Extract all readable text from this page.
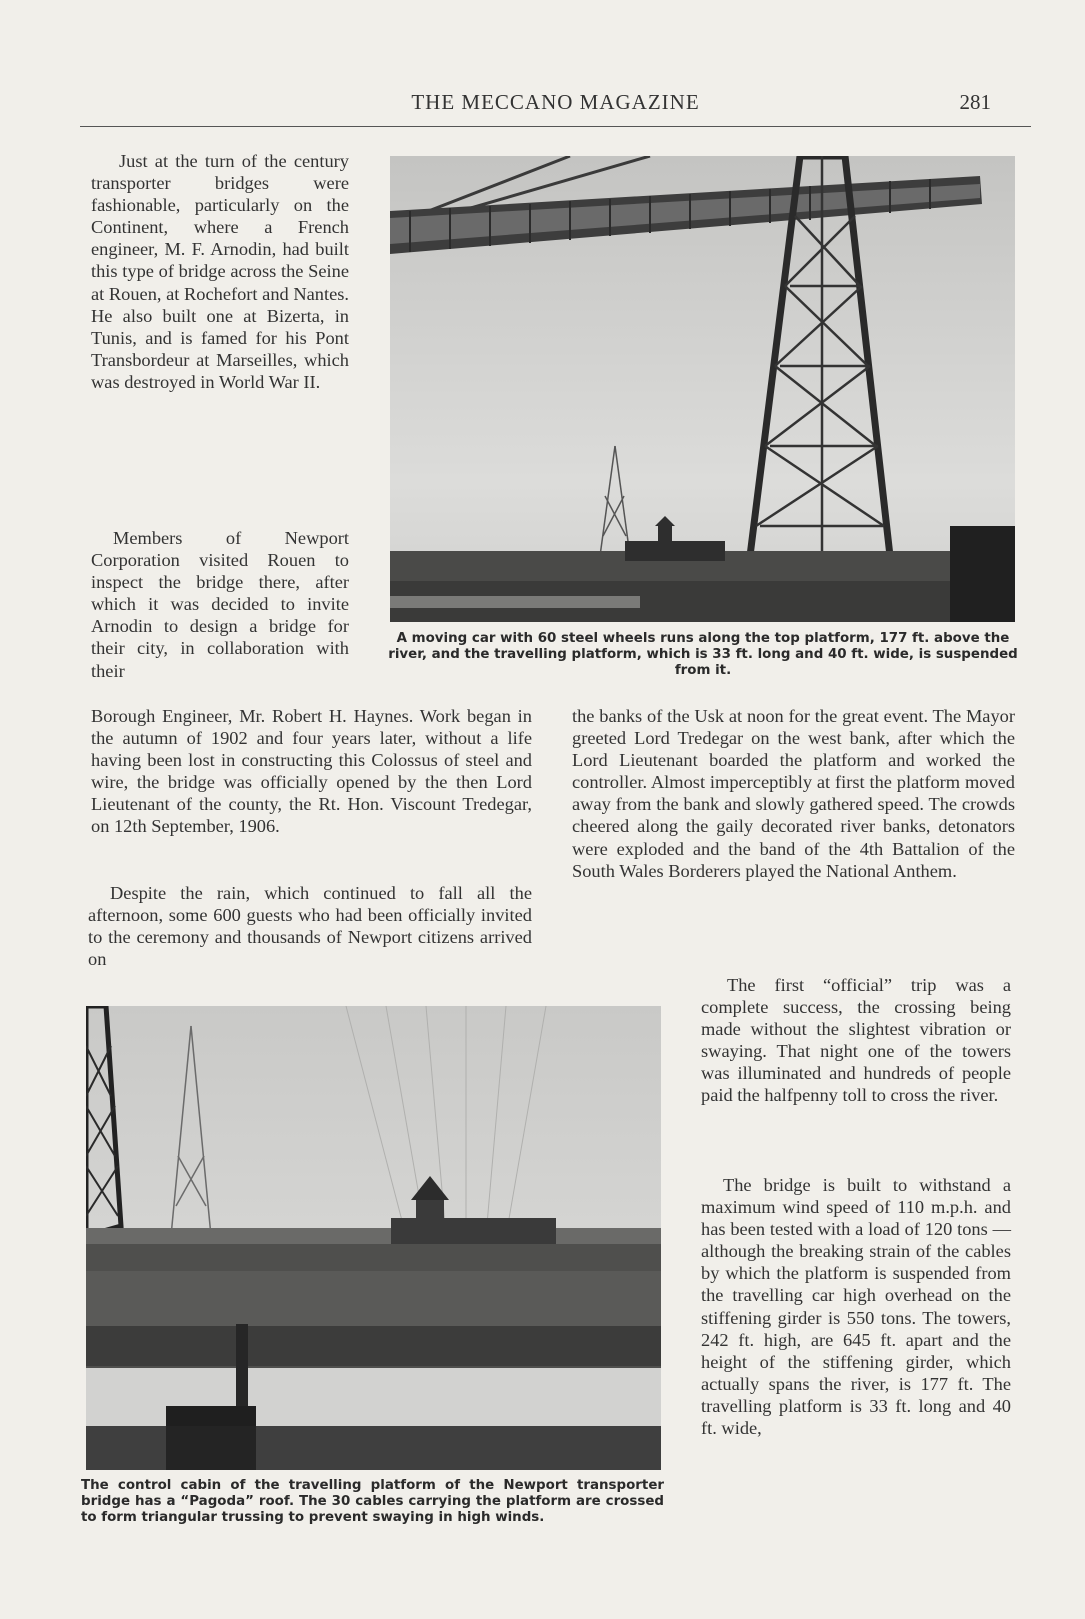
THE MECCANO MAGAZINE	281

A moving car with 60 steel wheels runs along the top platform, 177 ft. above the river, and the travelling platform, which is 33 ft. long and 40 ft. wide, is suspended from it.

Just at the turn of the century transporter bridges were fashionable, particularly on the Continent, where a French engineer, M. F. Arnodin, had built this type of bridge across the Seine at Rouen, at Rochefort and Nantes. He also built one at Bizerta, in Tunis, and is famed for his Pont Transbordeur at Marseilles, which was destroyed in World War II.

Members of Newport Corporation visited Rouen to inspect the bridge there, after which it was decided to invite Arnodin to design a bridge for their city, in collaboration with their

Borough Engineer, Mr. Robert H. Haynes. Work began in the autumn of 1902 and four years later, without a life having been lost in constructing this Colossus of steel and wire, the bridge was officially opened by the then Lord Lieutenant of the county, the Rt. Hon. Viscount Tredegar, on 12th September, 1906.

Despite the rain, which continued to fall all the afternoon, some 600 guests who had been officially invited to the ceremony and thousands of Newport citizens arrived on

the banks of the Usk at noon for the great event. The Mayor greeted Lord Tredegar on the west bank, after which the Lord Lieutenant boarded the platform and worked the controller. Almost imperceptibly at first the platform moved away from the bank and slowly gathered speed. The crowds cheered along the gaily decorated river banks, detonators were exploded and the band of the 4th Battalion of the South Wales Borderers played the National Anthem.

The control cabin of the travelling platform of the Newport transporter bridge has a “Pagoda” roof. The 30 cables carrying the platform are crossed to form triangular trussing to prevent swaying in high winds.

The first “official” trip was a complete success, the crossing being made without the slightest vibration or swaying. That night one of the towers was illuminated and hundreds of people paid the halfpenny toll to cross the river.

The bridge is built to withstand a maximum wind speed of 110 m.p.h. and has been tested with a load of 120 tons — although the breaking strain of the cables by which the platform is suspended from the travelling car high overhead on the stiffening girder is 550 tons. The towers, 242 ft. high, are 645 ft. apart and the height of the stiffening girder, which actually spans the river, is 177 ft. The travelling platform is 33 ft. long and 40 ft. wide,
